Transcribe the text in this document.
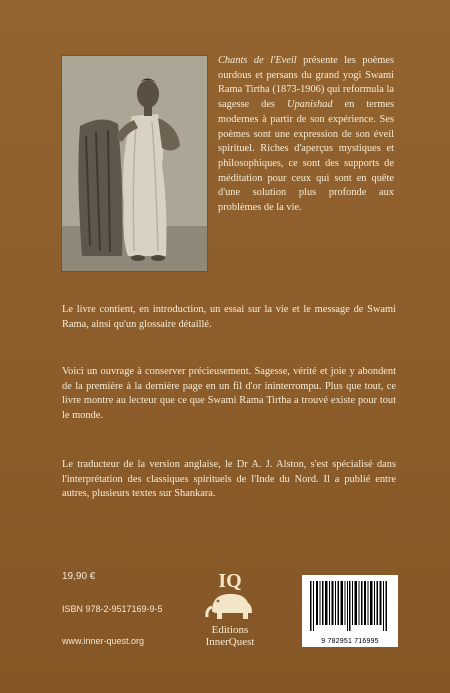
Chants de l'Eveil présente les poèmes ourdous et persans du grand yogi Swami Rama Tirtha (1873-1906) qui reformula la sagesse des Upanishad en termes modernes à partir de son expérience. Ses poèmes sont une expression de son éveil spirituel. Riches d'aperçus mystiques et philosophiques, ce sont des supports de méditation pour ceux qui sont en quête d'une solution plus profonde aux problèmes de la vie.

Le livre contient, en introduction, un essai sur la vie et le message de Swami Rama, ainsi qu'un glossaire détaillé.

Voici un ouvrage à conserver précieusement. Sagesse, vérité et joie y abondent de la première à la dernière page en un fil d'or ininterrompu. Plus que tout, ce livre montre au lecteur que ce que Swami Rama Tirtha a trouvé existe pour tout le monde.

Le traducteur de la version anglaise, le Dr A. J. Alston, s'est spécialisé dans l'interprétation des classiques spirituels de l'Inde du Nord. Il a publié entre autres, plusieurs textes sur Shankara.

19,90 €
ISBN 978-2-9517169-9-5
www.inner-quest.org
IQ
Editions
InnerQuest	9 782951 716995
